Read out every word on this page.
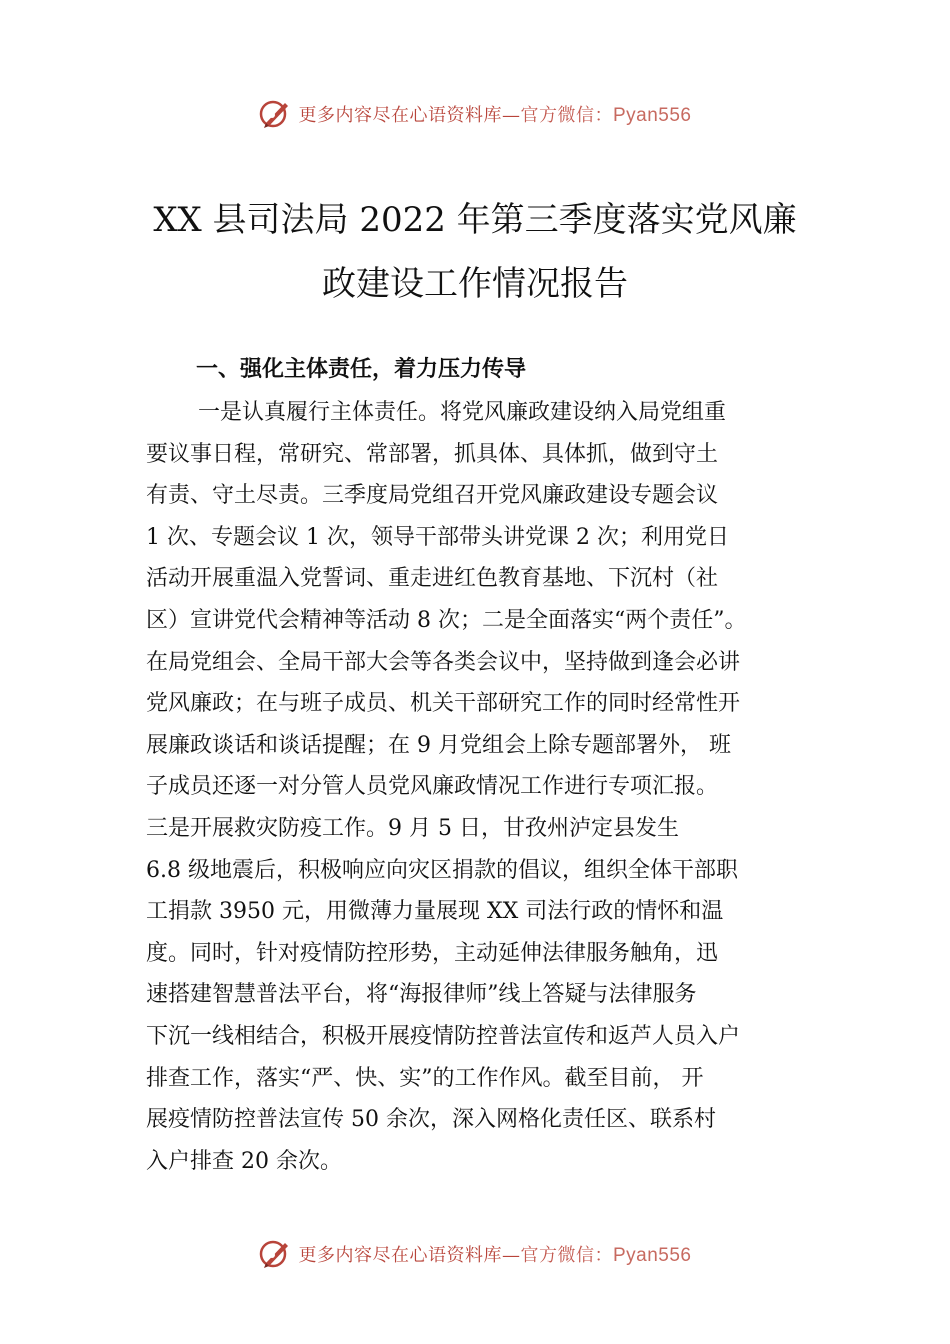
更多内容尽在心语资料库—官方微信：Pyan556
XX 县司法局 2022 年第三季度落实党风廉
政建设工作情况报告
一、强化主体责任，着力压力传导
一是认真履行主体责任。将党风廉政建设纳入局党组重
要议事日程，常研究、常部署，抓具体、具体抓，做到守土
有责、守土尽责。三季度局党组召开党风廉政建设专题会议
1 次、专题会议 1 次，领导干部带头讲党课 2 次；利用党日
活动开展重温入党誓词、重走进红色教育基地、下沉村（社
区）宣讲党代会精神等活动 8 次；二是全面落实“两个责任”。
在局党组会、全局干部大会等各类会议中，坚持做到逢会必讲
党风廉政；在与班子成员、机关干部研究工作的同时经常性开
展廉政谈话和谈话提醒；在 9 月党组会上除专题部署外， 班
子成员还逐一对分管人员党风廉政情况工作进行专项汇报。
三是开展救灾防疫工作。9 月 5 日，甘孜州泸定县发生
6.8 级地震后，积极响应向灾区捐款的倡议，组织全体干部职
工捐款 3950 元，用微薄力量展现 XX 司法行政的情怀和温
度。同时，针对疫情防控形势，主动延伸法律服务触角，迅
速搭建智慧普法平台，将“海报律师”线上答疑与法律服务
下沉一线相结合，积极开展疫情防控普法宣传和返芦人员入户
排查工作，落实“严、快、实”的工作作风。截至目前， 开
展疫情防控普法宣传 50 余次，深入网格化责任区、联系村
入户排查 20 余次。
更多内容尽在心语资料库—官方微信：Pyan556
